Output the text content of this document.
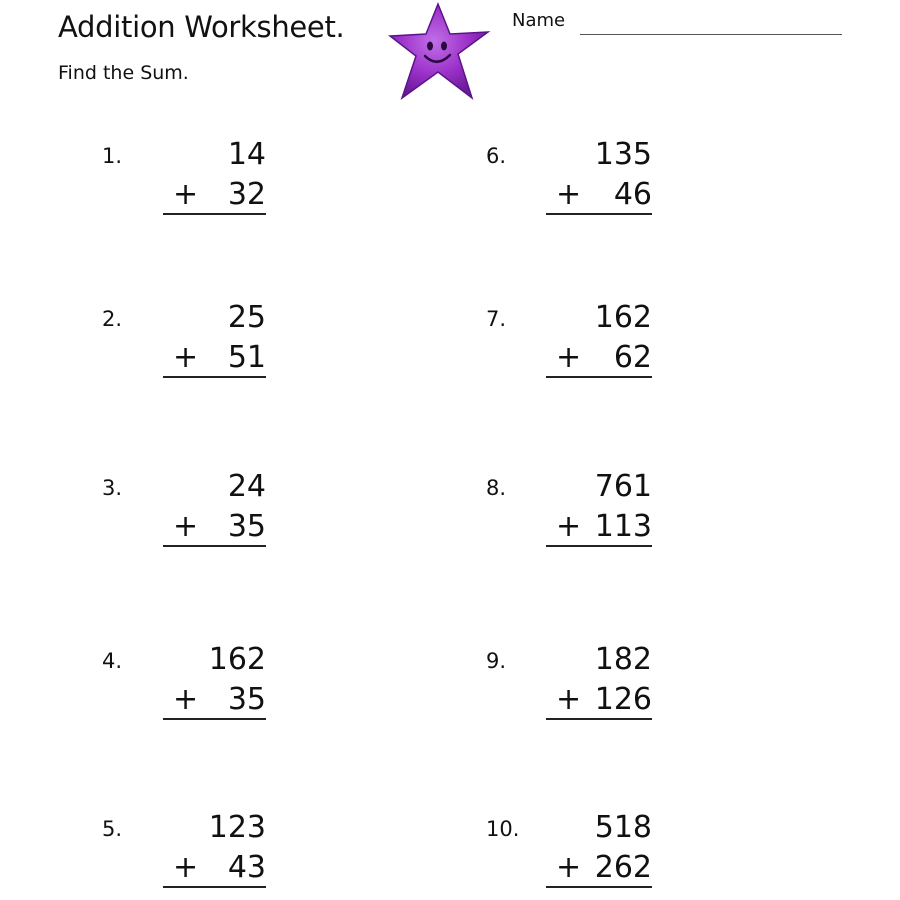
Addition Worksheet.
Find the Sum.
Name
1.	14
+ 32
2.	25
+ 51
3.	24
+ 35
4.	162
+ 35
5.	123
+ 43
6.	135
+ 46
7.	162
+ 62
8.	761
+ 113
9.	182
+ 126
10.	518
+ 262
